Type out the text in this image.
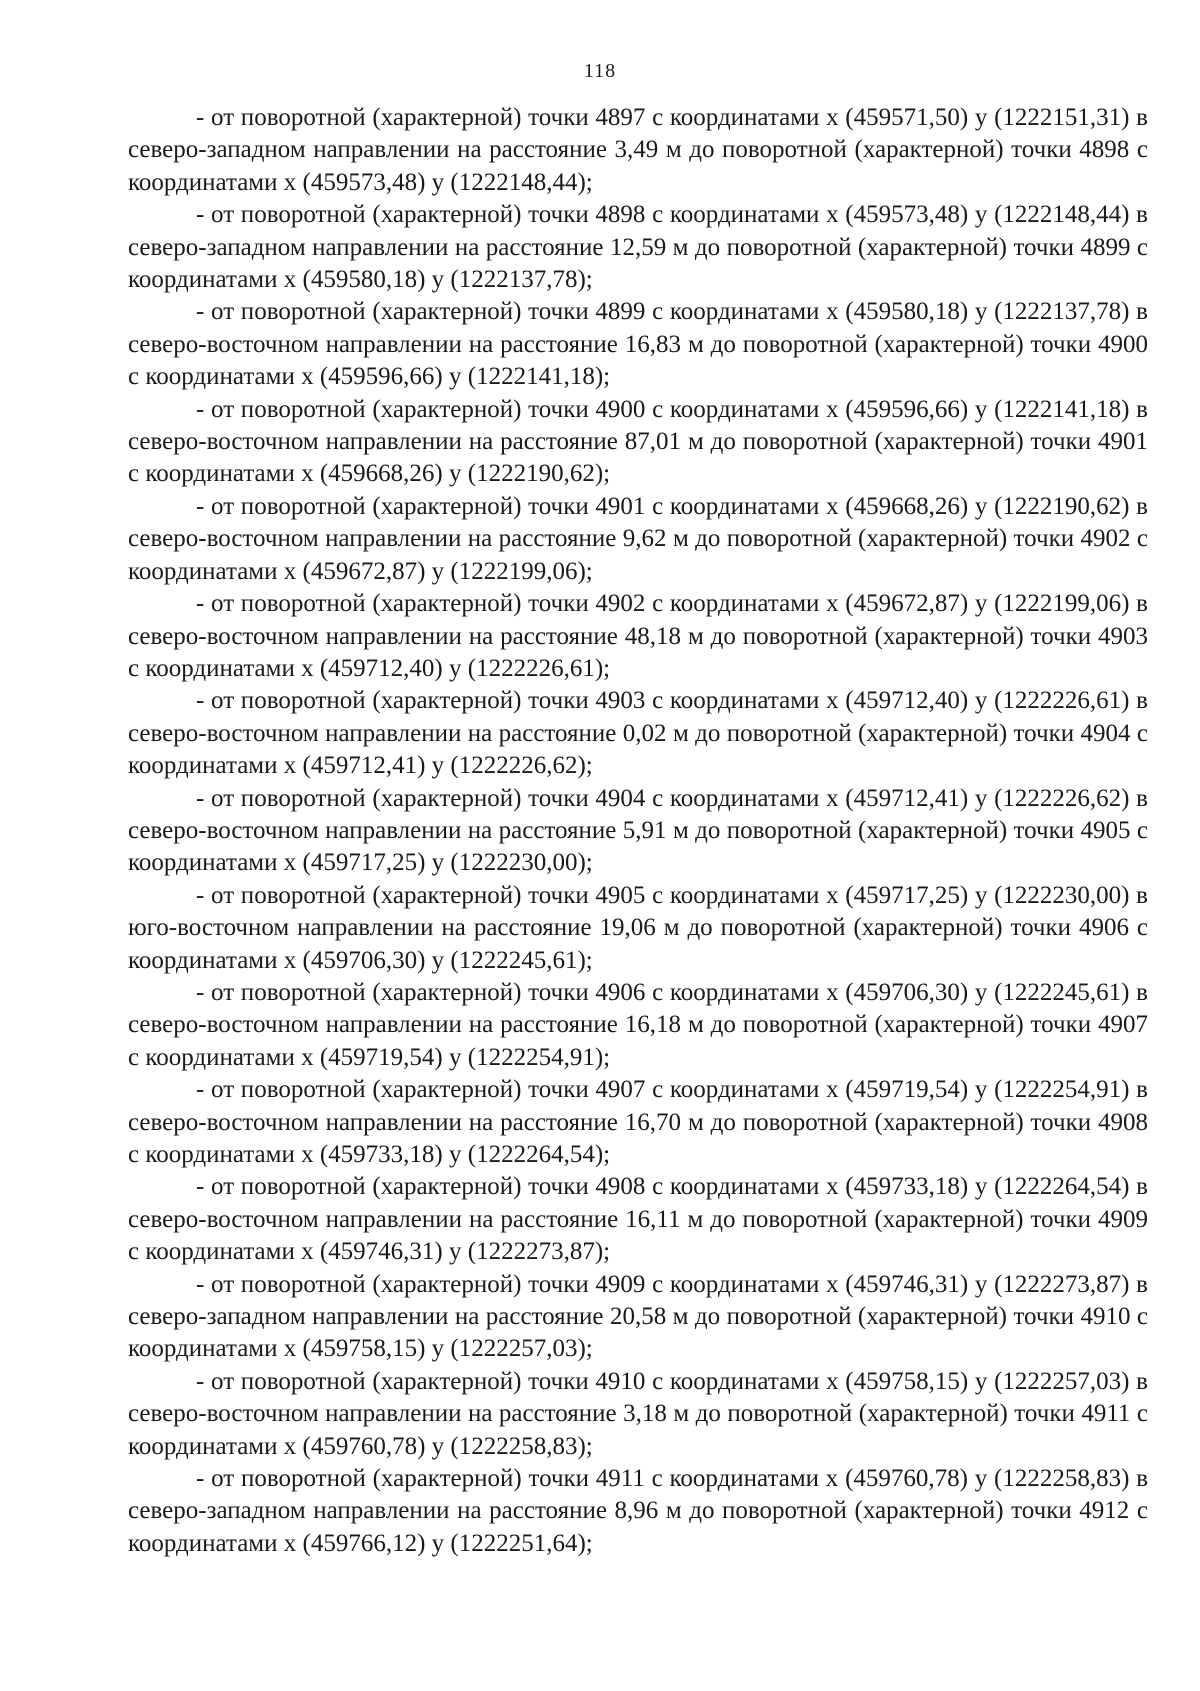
118

- от поворотной (характерной) точки 4897 с координатами х (459571,50) у (1222151,31) в северо-западном направлении на расстояние 3,49 м до поворотной (характерной) точки 4898 с координатами х (459573,48) у (1222148,44);

- от поворотной (характерной) точки 4898 с координатами х (459573,48) у (1222148,44) в северо-западном направлении на расстояние 12,59 м до поворотной (характерной) точки 4899 с координатами х (459580,18) у (1222137,78);

- от поворотной (характерной) точки 4899 с координатами х (459580,18) у (1222137,78) в северо-восточном направлении на расстояние 16,83 м до поворотной (характерной) точки 4900 с координатами х (459596,66) у (1222141,18);

- от поворотной (характерной) точки 4900 с координатами х (459596,66) у (1222141,18) в северо-восточном направлении на расстояние 87,01 м до поворотной (характерной) точки 4901 с координатами х (459668,26) у (1222190,62);

- от поворотной (характерной) точки 4901 с координатами х (459668,26) у (1222190,62) в северо-восточном направлении на расстояние 9,62 м до поворотной (характерной) точки 4902 с координатами х (459672,87) у (1222199,06);

- от поворотной (характерной) точки 4902 с координатами х (459672,87) у (1222199,06) в северо-восточном направлении на расстояние 48,18 м до поворотной (характерной) точки 4903 с координатами х (459712,40) у (1222226,61);

- от поворотной (характерной) точки 4903 с координатами х (459712,40) у (1222226,61) в северо-восточном направлении на расстояние 0,02 м до поворотной (характерной) точки 4904 с координатами х (459712,41) у (1222226,62);

- от поворотной (характерной) точки 4904 с координатами х (459712,41) у (1222226,62) в северо-восточном направлении на расстояние 5,91 м до поворотной (характерной) точки 4905 с координатами х (459717,25) у (1222230,00);

- от поворотной (характерной) точки 4905 с координатами х (459717,25) у (1222230,00) в юго-восточном направлении на расстояние 19,06 м до поворотной (характерной) точки 4906 с координатами х (459706,30) у (1222245,61);

- от поворотной (характерной) точки 4906 с координатами х (459706,30) у (1222245,61) в северо-восточном направлении на расстояние 16,18 м до поворотной (характерной) точки 4907 с координатами х (459719,54) у (1222254,91);

- от поворотной (характерной) точки 4907 с координатами х (459719,54) у (1222254,91) в северо-восточном направлении на расстояние 16,70 м до поворотной (характерной) точки 4908 с координатами х (459733,18) у (1222264,54);

- от поворотной (характерной) точки 4908 с координатами х (459733,18) у (1222264,54) в северо-восточном направлении на расстояние 16,11 м до поворотной (характерной) точки 4909 с координатами х (459746,31) у (1222273,87);

- от поворотной (характерной) точки 4909 с координатами х (459746,31) у (1222273,87) в северо-западном направлении на расстояние 20,58 м до поворотной (характерной) точки 4910 с координатами х (459758,15) у (1222257,03);

- от поворотной (характерной) точки 4910 с координатами х (459758,15) у (1222257,03) в северо-восточном направлении на расстояние 3,18 м до поворотной (характерной) точки 4911 с координатами х (459760,78) у (1222258,83);

- от поворотной (характерной) точки 4911 с координатами х (459760,78) у (1222258,83) в северо-западном направлении на расстояние 8,96 м до поворотной (характерной) точки 4912 с координатами х (459766,12) у (1222251,64);
